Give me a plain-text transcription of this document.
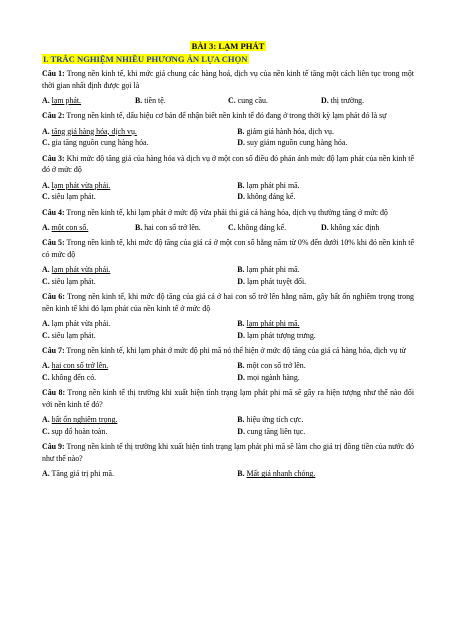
BÀI 3: LẠM PHÁT
I. TRẮC NGHIỆM NHIỀU PHƯƠNG ÁN LỰA CHỌN
Câu 1: Trong nền kinh tế, khi mức giá chung các hàng hoá, dịch vụ của nền kinh tế tăng một cách liên tục trong một thời gian nhất định được gọi là
A. lạm phát.	B. tiền tệ.	C. cung cầu.	D. thị trường.
Câu 2: Trong nền kinh tế, dấu hiệu cơ bản để nhận biết nền kinh tế đó đang ở trong thời kỳ lạm phát đó là sự
A. tăng giá hàng hóa, dịch vụ.	B. giảm giá hành hóa, dịch vụ.
C. gia tăng nguồn cung hàng hóa.	D. suy giảm nguồn cung hàng hóa.
Câu 3: Khi mức độ tăng giá của hàng hóa và dịch vụ ở một con số điều đó phản ánh mức độ lạm phát của nền kinh tế đó ở mức độ
A. lạm phát vừa phải.	B. lạm phát phi mã.
C. siêu lạm phát.	D. không đáng kể.
Câu 4: Trong nền kinh tế, khi lạm phát ở mức độ vừa phải thì giá cả hàng hóa, dịch vụ thường tăng ở mức độ
A. một con số.	B. hai con số trở lên.	C. không đáng kể.	D. không xác định
Câu 5: Trong nền kinh tế, khi mức độ tăng của giá cả ở một con số hằng năm từ 0% đến dưới 10% khi đó nền kinh tế có mức độ
A. lạm phát vừa phải.	B. lạm phát phi mã.
C. siêu lạm phát.	D. lạm phát tuyệt đối.
Câu 6: Trong nền kinh tế, khi mức độ tăng của giá cả ở hai con số trở lên hằng năm, gây bất ổn nghiêm trọng trong nền kinh tế khi đó lạm phát của nền kinh tế ở mức độ
A. lạm phát vừa phải.	B. lạm phát phi mã.
C. siêu lạm phát.	D. lạm phát tượng trưng.
Câu 7: Trong nền kinh tế, khi lạm phát ở mức độ phi mã nó thể hiện ở mức độ tăng của giá cả hàng hóa, dịch vụ từ
A. hai con số trở lên.	B. một con số trở lên.
C. không đến có.	D. mọi ngành hàng.
Câu 8: Trong nền kinh tế thị trường khi xuất hiện tình trạng lạm phát phi mã sẽ gây ra hiện tượng như thế nào đối với nền kinh tế đó?
A. bất ổn nghiêm trọng.	B. hiệu ứng tích cực.
C. sụp đổ hoàn toàn.	D. cung tăng liên tục.
Câu 9: Trong nền kinh tế thị trường khi xuất hiện tình trạng lạm phát phi mã sẽ làm cho giá trị đồng tiền của nước đó như thế nào?
A. Tăng giá trị phi mã.	B. Mất giá nhanh chóng.
